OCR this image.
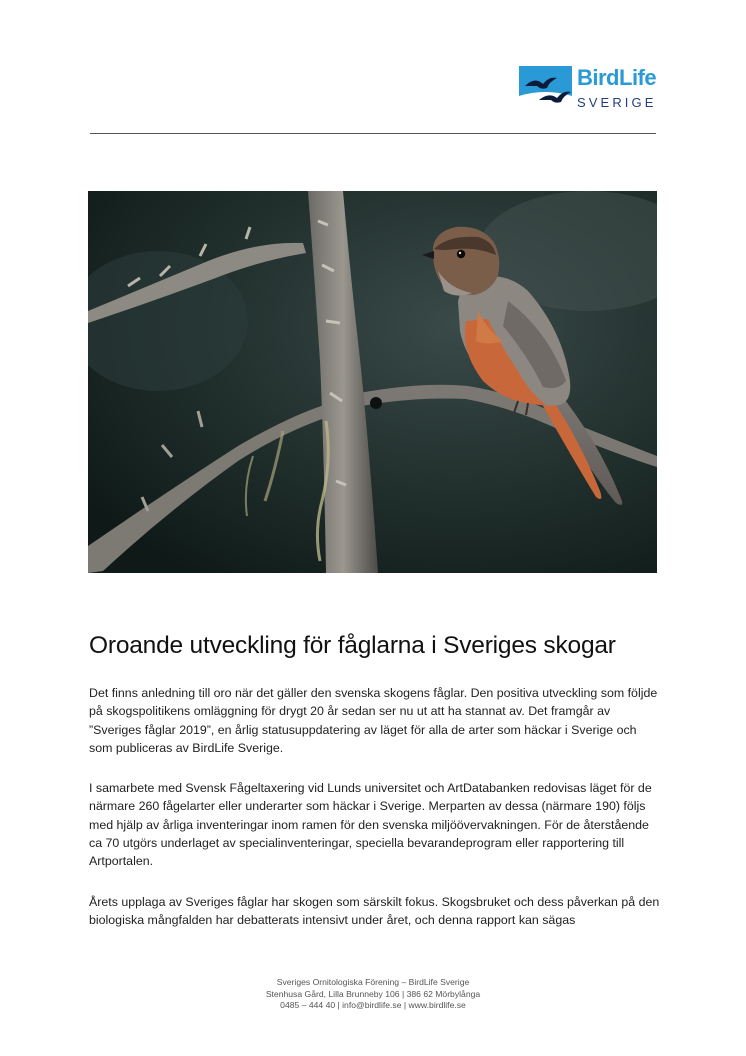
BirdLife
SVERIGE
Oroande utveckling för fåglarna i Sveriges skogar

Det finns anledning till oro när det gäller den svenska skogens fåglar. Den positiva utveckling som följde på skogspolitikens omläggning för drygt 20 år sedan ser nu ut att ha stannat av. Det framgår av ”Sveriges fåglar 2019”, en årlig statusuppdatering av läget för alla de arter som häckar i Sverige och som publiceras av BirdLife Sverige.

I samarbete med Svensk Fågeltaxering vid Lunds universitet och ArtDatabanken redovisas läget för de närmare 260 fågelarter eller underarter som häckar i Sverige. Merparten av dessa (närmare 190) följs med hjälp av årliga inventeringar inom ramen för den svenska miljöövervakningen. För de återstående ca 70 utgörs underlaget av specialinventeringar, speciella bevarandeprogram eller rapportering till Artportalen.

Årets upplaga av Sveriges fåglar har skogen som särskilt fokus. Skogsbruket och dess påverkan på den biologiska mångfalden har debatterats intensivt under året, och denna rapport kan sägas

Sveriges Ornitologiska Förening – BirdLife Sverige
Stenhusa Gård, Lilla Brunneby 106 | 386 62 Mörbylånga
0485 – 444 40 | info@birdlife.se | www.birdlife.se
